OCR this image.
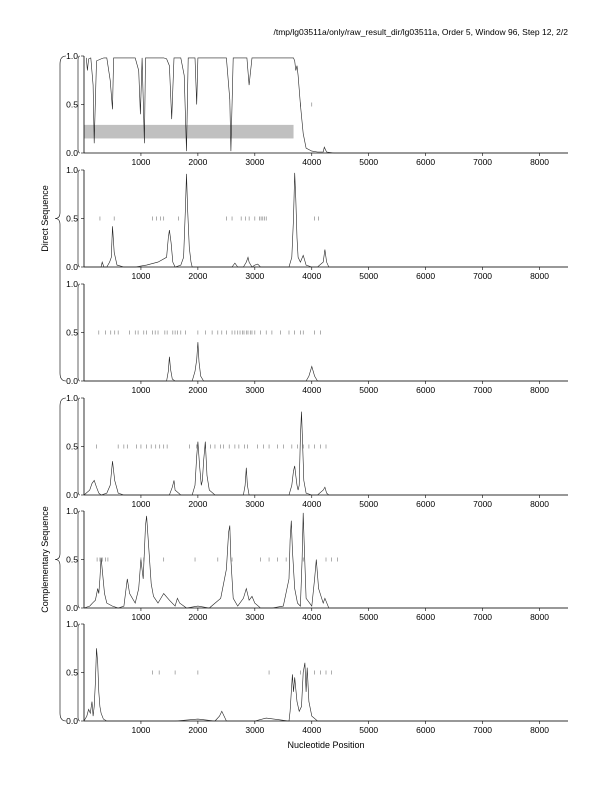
/tmp/lg03511a/only/raw_result_dir/lg03511a, Order 5, Window 96, Step 12, 2/2
0.0
0.5
1.0
1000	2000	3000	4000	5000	6000	7000	8000
0.0
0.5
1.0
1000	2000	3000	4000	5000	6000	7000	8000
0.0
0.5
1.0
1000	2000	3000	4000	5000	6000	7000	8000
0.0
0.5
1.0
1000	2000	3000	4000	5000	6000	7000	8000
0.0
0.5
1.0
1000	2000	3000	4000	5000	6000	7000	8000
0.0
0.5
1.0
1000	2000	3000	4000	5000	6000	7000	8000
Direct Sequence
Complementary Sequence
Nucleotide Position
